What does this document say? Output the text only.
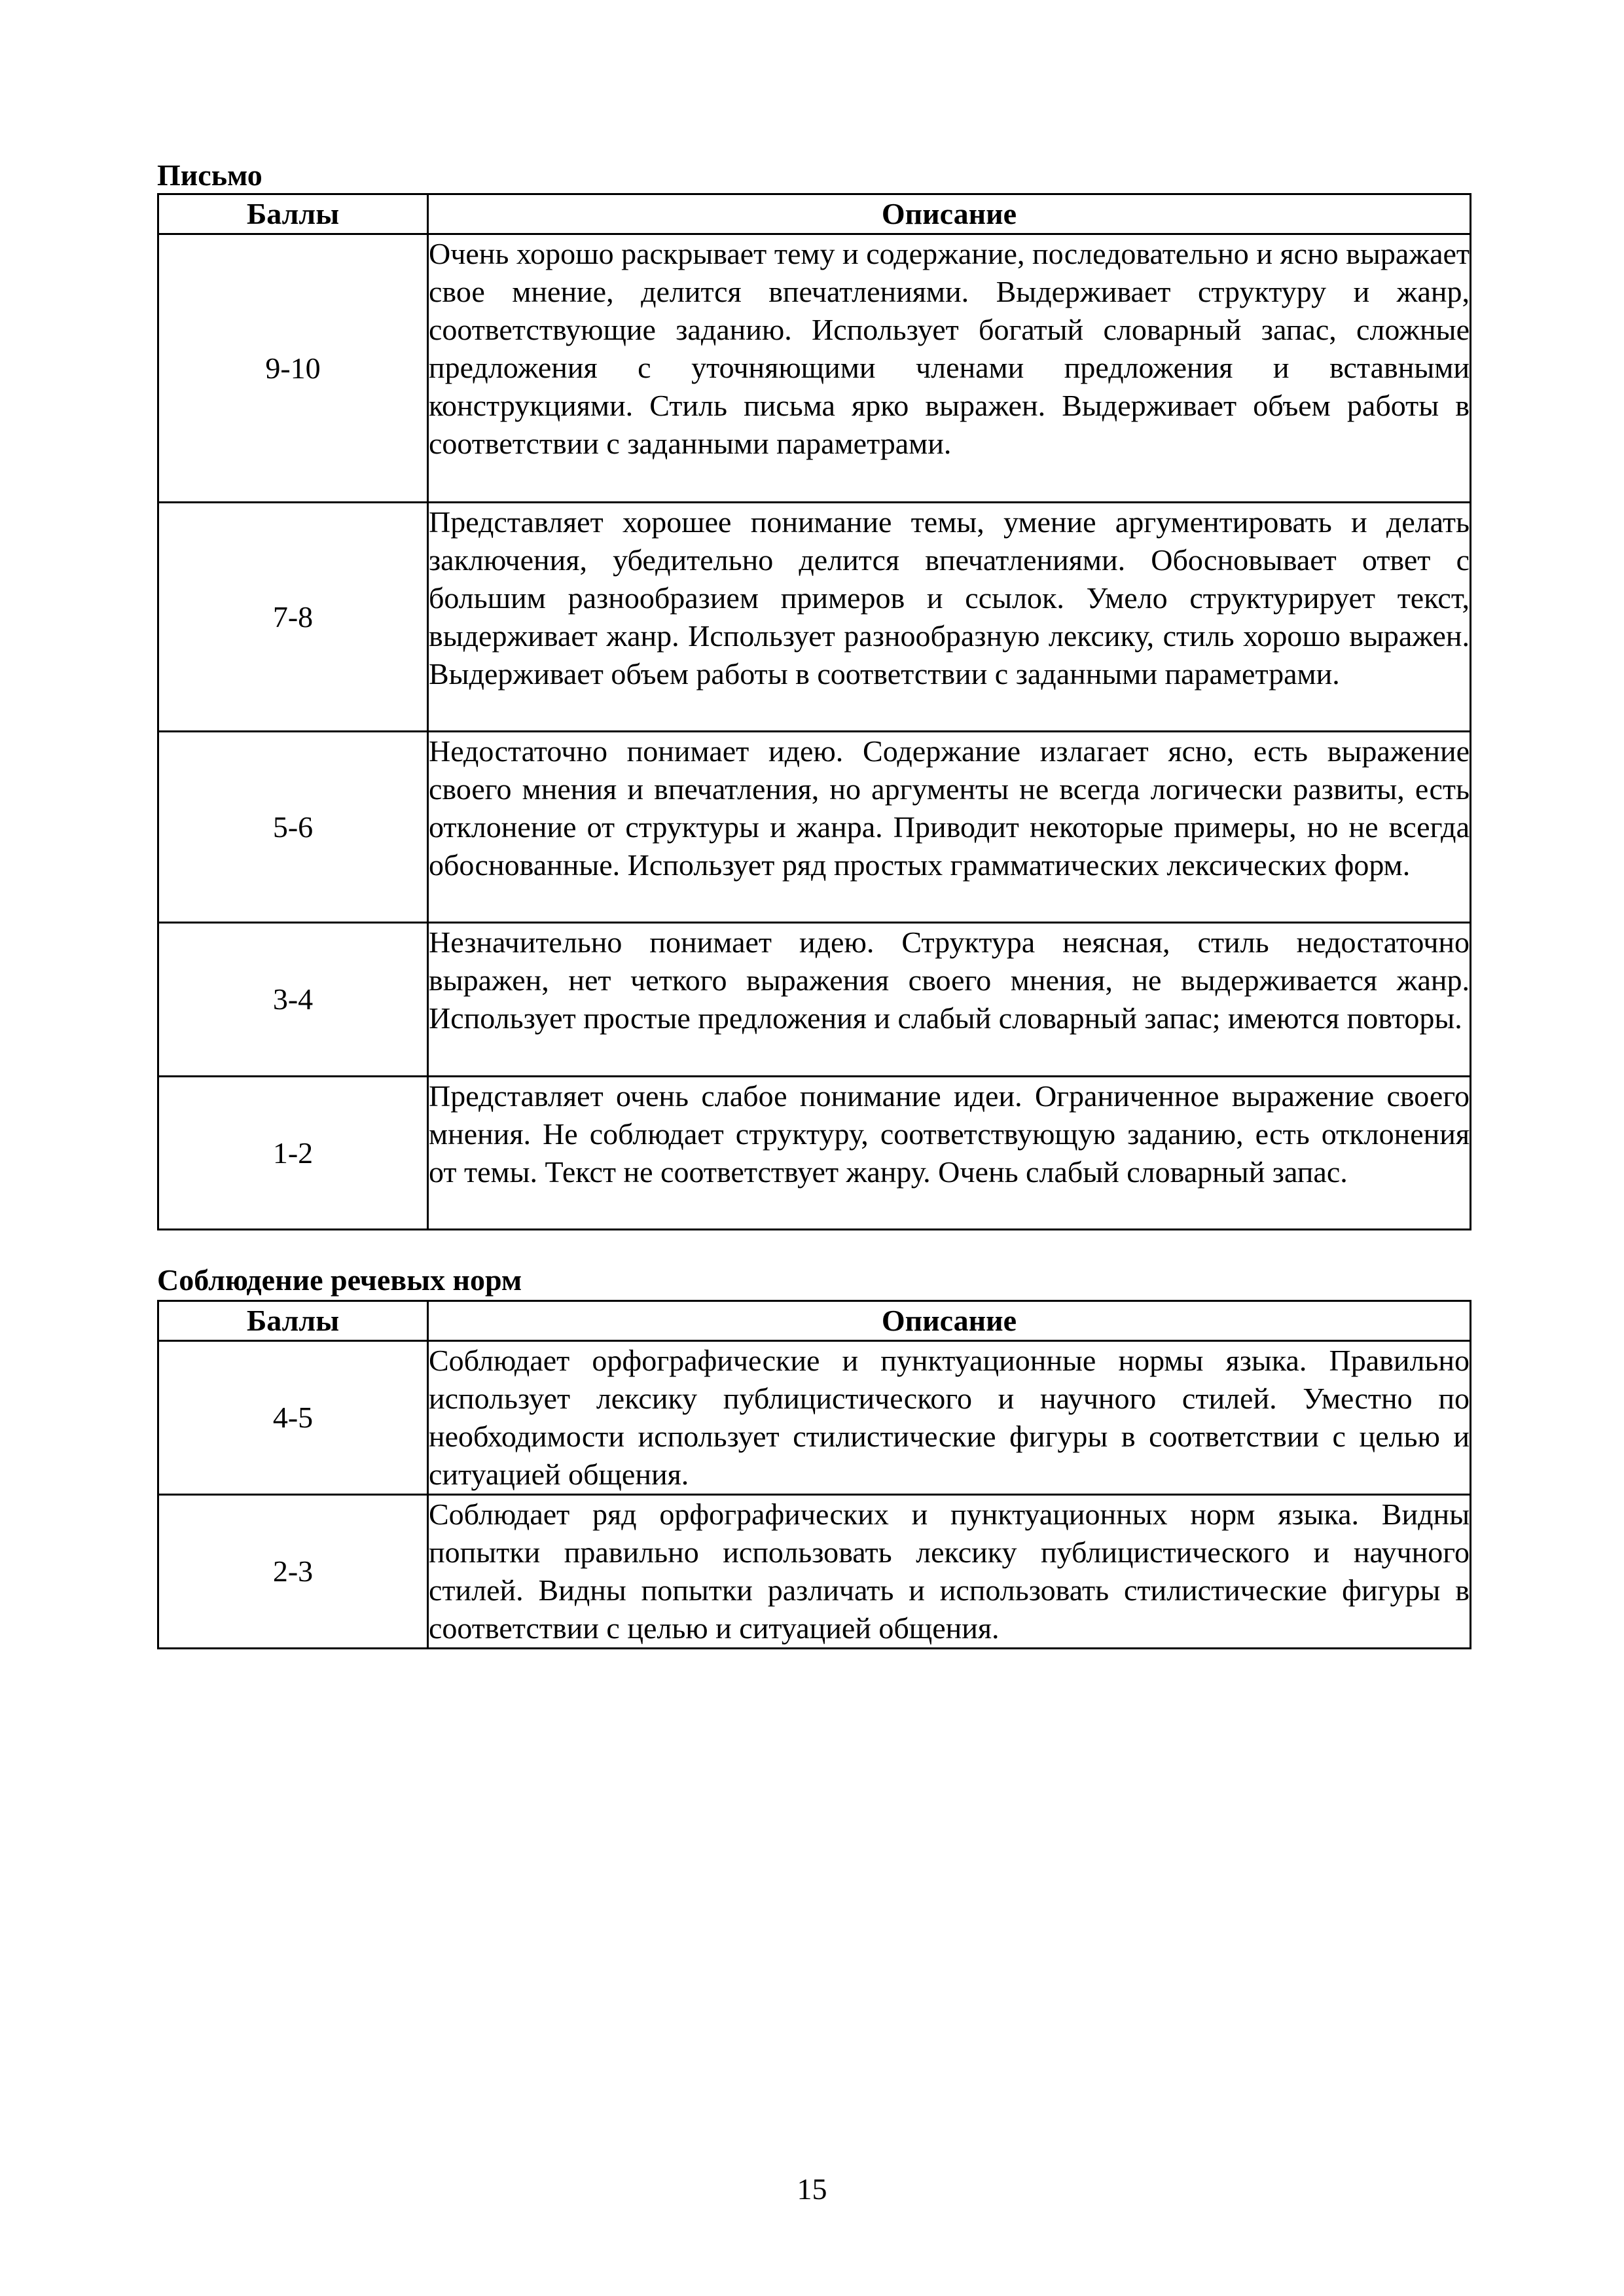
Письмо
Баллы	Описание
9-10	Очень хорошо раскрывает тему и содержание, последовательно и ясно выражает свое мнение, делится впечатлениями. Выдерживает структуру и жанр, соответствующие заданию. Использует богатый словарный запас, сложные предложения с уточняющими членами предложения и вставными конструкциями. Стиль письма ярко выражен. Выдерживает объем работы в соответствии с заданными параметрами.
7-8	Представляет хорошее понимание темы, умение аргументировать и делать заключения, убедительно делится впечатлениями. Обосновывает ответ с большим разнообразием примеров и ссылок. Умело структурирует текст, выдерживает жанр. Использует разнообразную лексику, стиль хорошо выражен. Выдерживает объем работы в соответствии с заданными параметрами.
5-6	Недостаточно понимает идею. Содержание излагает ясно, есть выражение своего мнения и впечатления, но аргументы не всегда логически развиты, есть отклонение от структуры и жанра. Приводит некоторые примеры, но не всегда обоснованные. Использует ряд простых грамматических лексических форм.
3-4	Незначительно понимает идею. Структура неясная, стиль недостаточно выражен, нет четкого выражения своего мнения, не выдерживается жанр. Использует простые предложения и слабый словарный запас; имеются повторы.
1-2	Представляет очень слабое понимание идеи. Ограниченное выражение своего мнения. Не соблюдает структуру, соответствующую заданию, есть отклонения от темы. Текст не соответствует жанру. Очень слабый словарный запас.
Соблюдение речевых норм
Баллы	Описание
4-5	Соблюдает орфографические и пунктуационные нормы языка. Правильно использует лексику публицистического и научного стилей. Уместно по необходимости использует стилистические фигуры в соответствии с целью и ситуацией общения.
2-3	Соблюдает ряд орфографических и пунктуационных норм языка. Видны попытки правильно использовать лексику публицистического и научного стилей. Видны попытки различать и использовать стилистические фигуры в соответствии с целью и ситуацией общения.
15
